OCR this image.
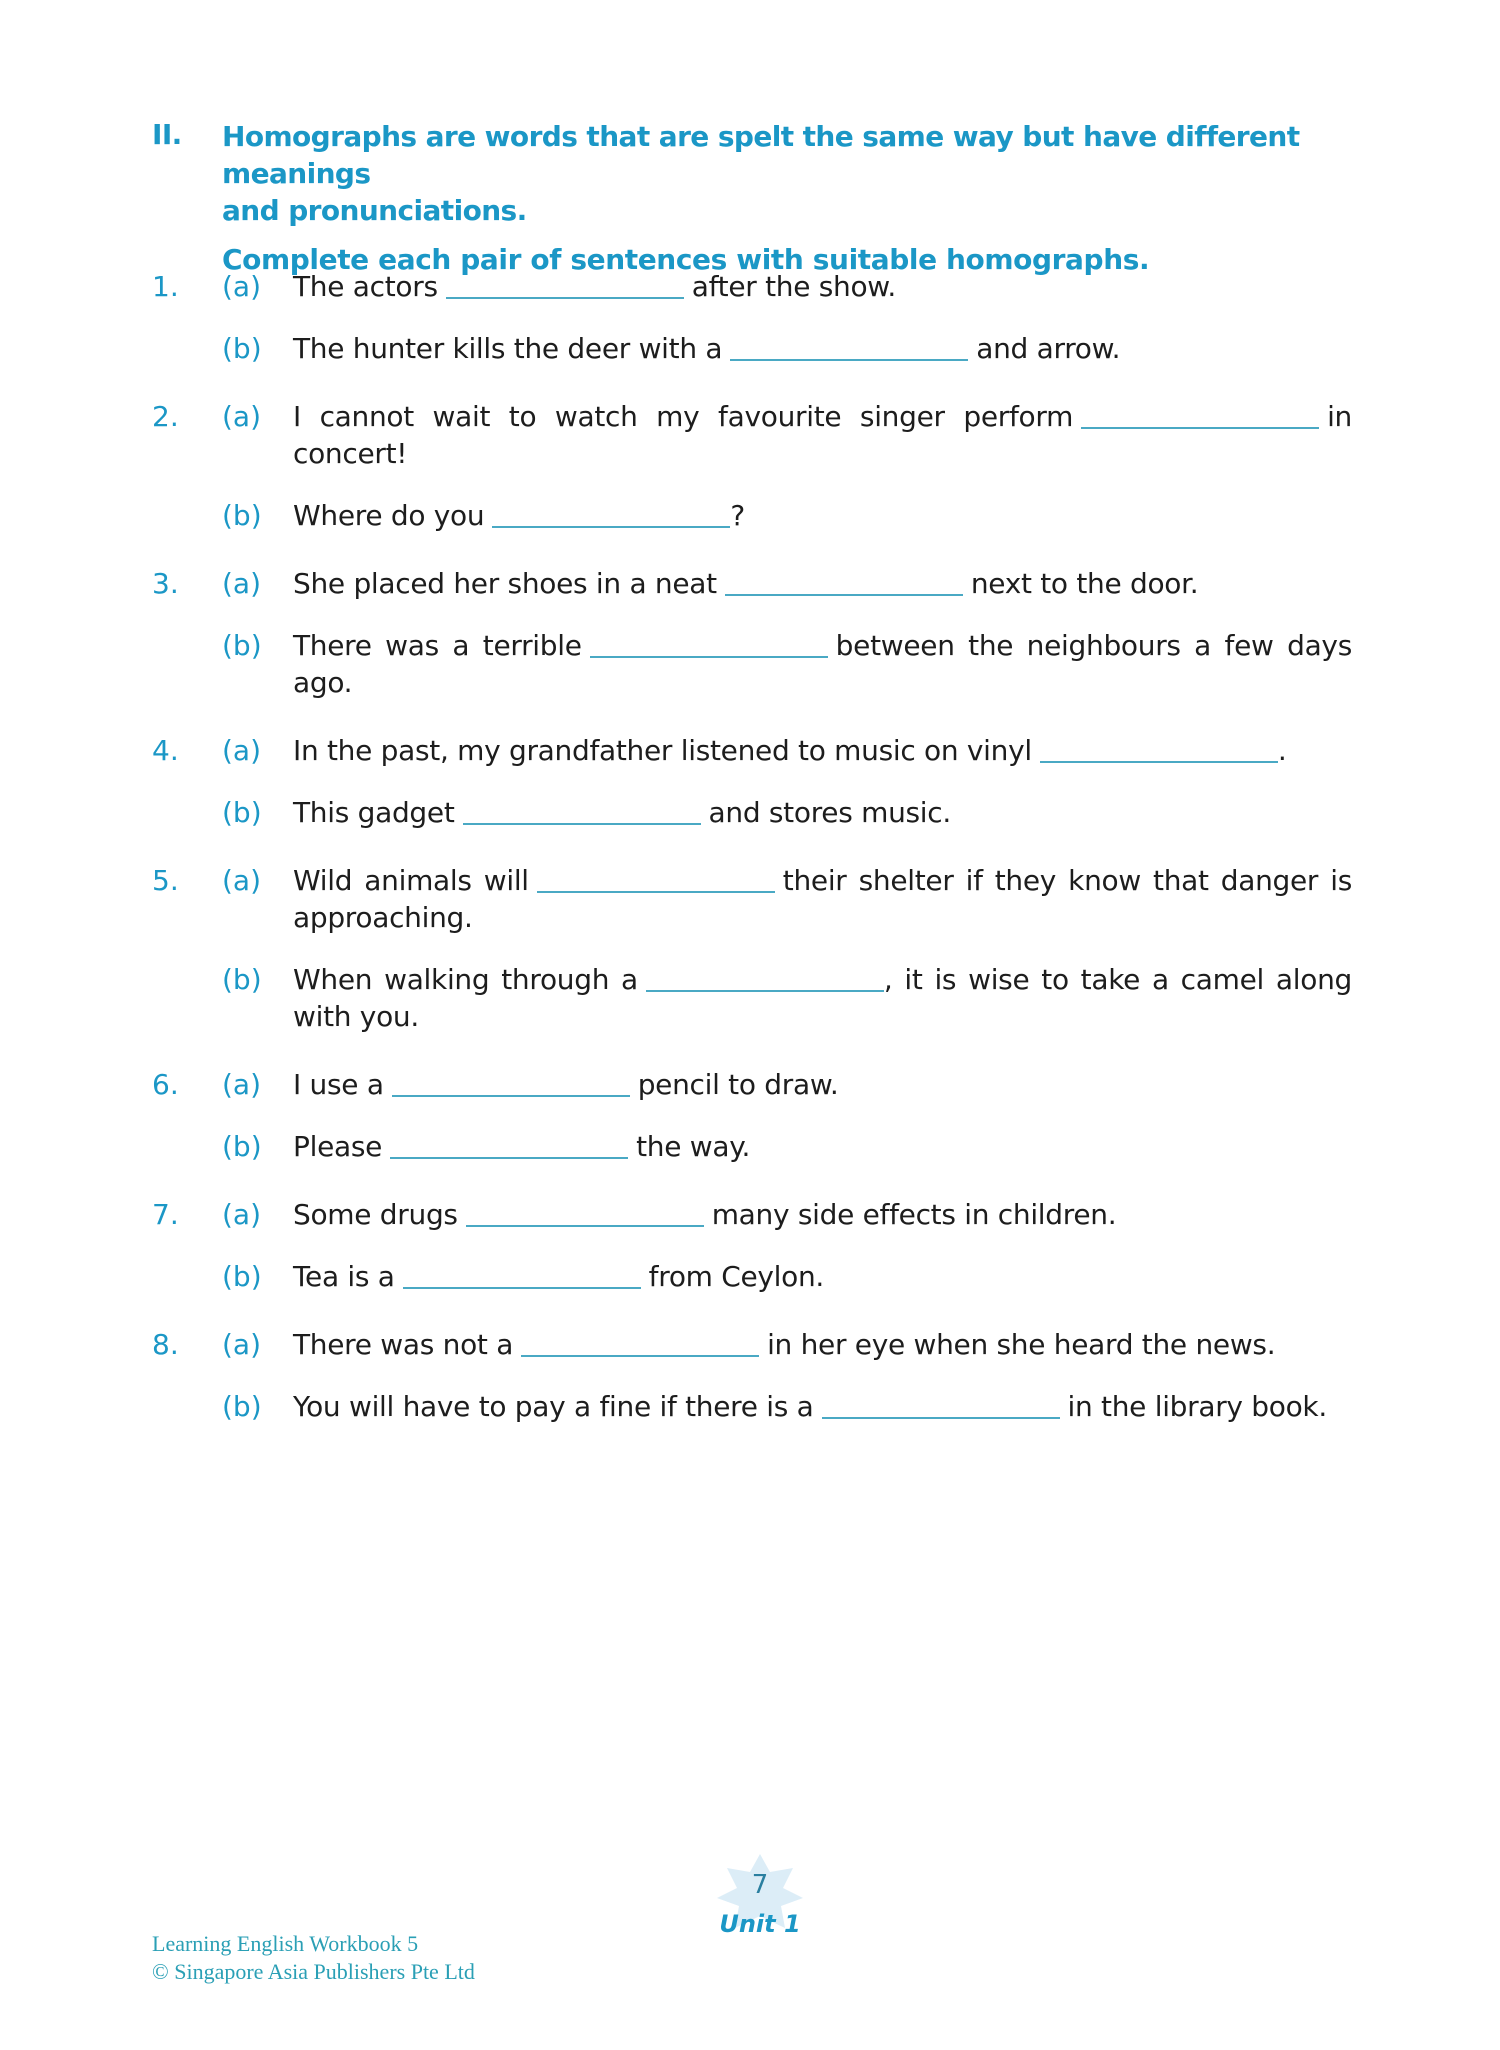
II. Homographs are words that are spelt the same way but have different meanings
and pronunciations.
Complete each pair of sentences with suitable homographs.
1.	(a)	The actors	after the show.
(b)	The hunter kills the deer with a	and arrow.
2.	(a)	I cannot wait to watch my favourite singer perform	in concert!
(b)	Where do you	?
3.	(a)	She placed her shoes in a neat	next to the door.
(b)	There was a terrible	between the neighbours a few days ago.
4.	(a)	In the past, my grandfather listened to music on vinyl	.
(b)	This gadget	and stores music.
5.	(a)	Wild animals will	their shelter if they know that danger is approaching.
(b)	When walking through a	, it is wise to take a camel along with you.
6.	(a)	I use a	pencil to draw.
(b)	Please	the way.
7.	(a)	Some drugs	many side effects in children.
(b)	Tea is a	from Ceylon.
8.	(a)	There was not a	in her eye when she heard the news.
(b)	You will have to pay a fine if there is a	in the library book.
Learning English Workbook 5
© Singapore Asia Publishers Pte Ltd
7
Unit 1
